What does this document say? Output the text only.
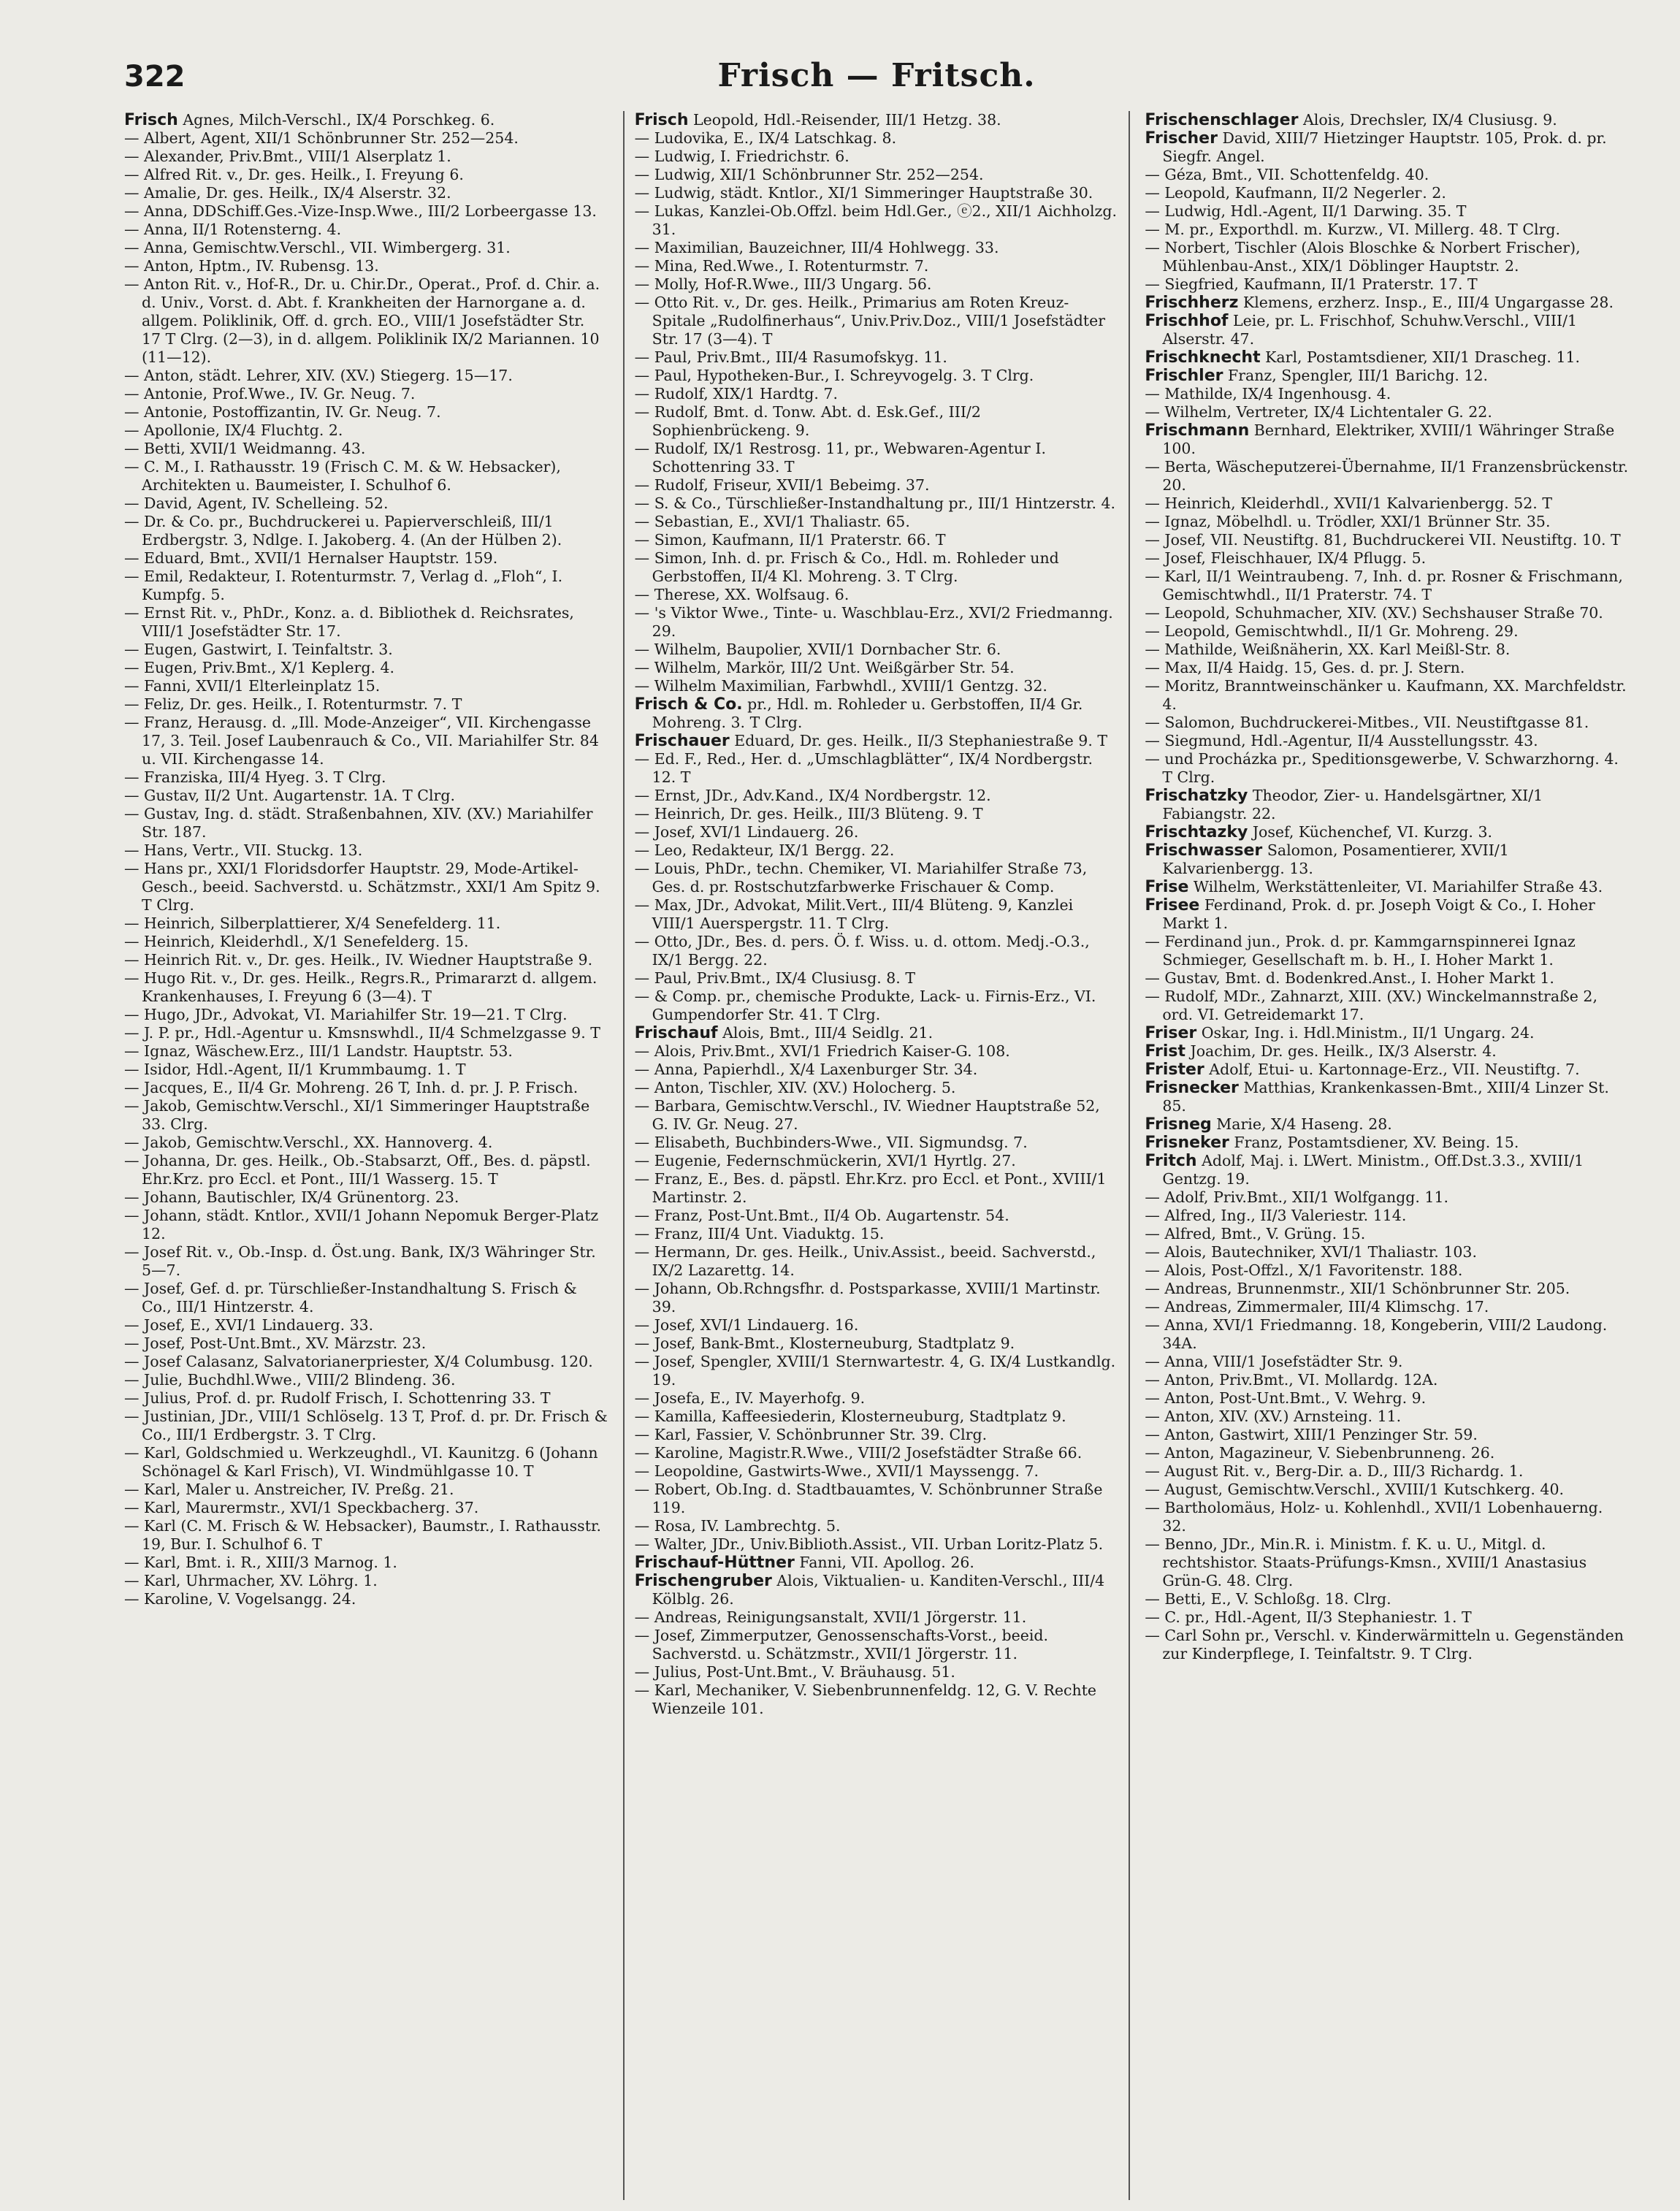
322	Frisch — Fritsch.
Frisch Agnes, Milch-Verschl., IX/4 Porschkeg. 6.
— Albert, Agent, XII/1 Schönbrunner Str. 252—254.
— Alexander, Priv.Bmt., VIII/1 Alserplatz 1.
— Alfred Rit. v., Dr. ges. Heilk., I. Freyung 6.
— Amalie, Dr. ges. Heilk., IX/4 Alserstr. 32.
— Anna, DDSchiff.Ges.-Vize-Insp.Wwe., III/2 Lorbeergasse 13.
— Anna, II/1 Rotensterng. 4.
— Anna, Gemischtw.Verschl., VII. Wimbergerg. 31.
— Anton, Hptm., IV. Rubensg. 13.
— Anton Rit. v., Hof-R., Dr. u. Chir.Dr., Operat., Prof. d. Chir. a. d. Univ., Vorst. d. Abt. f. Krankheiten der Harnorgane a. d. allgem. Poliklinik, Off. d. grch. EO., VIII/1 Josefstädter Str. 17 T Clrg. (2—3), in d. allgem. Poliklinik IX/2 Mariannen. 10 (11—12).
— Anton, städt. Lehrer, XIV. (XV.) Stiegerg. 15—17.
— Antonie, Prof.Wwe., IV. Gr. Neug. 7.
— Antonie, Postoffizantin, IV. Gr. Neug. 7.
— Apollonie, IX/4 Fluchtg. 2.
— Betti, XVII/1 Weidmanng. 43.
— C. M., I. Rathausstr. 19 (Frisch C. M. & W. Hebsacker), Architekten u. Baumeister, I. Schulhof 6.
— David, Agent, IV. Schelleing. 52.
— Dr. & Co. pr., Buchdruckerei u. Papierverschleiß, III/1 Erdbergstr. 3, Ndlge. I. Jakoberg. 4. (An der Hülben 2).
— Eduard, Bmt., XVII/1 Hernalser Hauptstr. 159.
— Emil, Redakteur, I. Rotenturmstr. 7, Verlag d. „Floh“, I. Kumpfg. 5.
— Ernst Rit. v., PhDr., Konz. a. d. Bibliothek d. Reichsrates, VIII/1 Josefstädter Str. 17.
— Eugen, Gastwirt, I. Teinfaltstr. 3.
— Eugen, Priv.Bmt., X/1 Keplerg. 4.
— Fanni, XVII/1 Elterleinplatz 15.
— Feliz, Dr. ges. Heilk., I. Rotenturmstr. 7. T
— Franz, Herausg. d. „Ill. Mode-Anzeiger“, VII. Kirchengasse 17, 3. Teil. Josef Laubenrauch & Co., VII. Mariahilfer Str. 84 u. VII. Kirchengasse 14.
— Franziska, III/4 Hyeg. 3. T Clrg.
— Gustav, II/2 Unt. Augartenstr. 1A. T Clrg.
— Gustav, Ing. d. städt. Straßenbahnen, XIV. (XV.) Mariahilfer Str. 187.
— Hans, Vertr., VII. Stuckg. 13.
— Hans pr., XXI/1 Floridsdorfer Hauptstr. 29, Mode-Artikel-Gesch., beeid. Sachverstd. u. Schätzmstr., XXI/1 Am Spitz 9. T Clrg.
— Heinrich, Silberplattierer, X/4 Senefelderg. 11.
— Heinrich, Kleiderhdl., X/1 Senefelderg. 15.
— Heinrich Rit. v., Dr. ges. Heilk., IV. Wiedner Hauptstraße 9.
— Hugo Rit. v., Dr. ges. Heilk., Regrs.R., Primararzt d. allgem. Krankenhauses, I. Freyung 6 (3—4). T
— Hugo, JDr., Advokat, VI. Mariahilfer Str. 19—21. T Clrg.
— J. P. pr., Hdl.-Agentur u. Kmsnswhdl., II/4 Schmelzgasse 9. T
— Ignaz, Wäschew.Erz., III/1 Landstr. Hauptstr. 53.
— Isidor, Hdl.-Agent, II/1 Krummbaumg. 1. T
— Jacques, E., II/4 Gr. Mohreng. 26 T, Inh. d. pr. J. P. Frisch.
— Jakob, Gemischtw.Verschl., XI/1 Simmeringer Hauptstraße 33. Clrg.
— Jakob, Gemischtw.Verschl., XX. Hannoverg. 4.
— Johanna, Dr. ges. Heilk., Ob.-Stabsarzt, Off., Bes. d. päpstl. Ehr.Krz. pro Eccl. et Pont., III/1 Wasserg. 15. T
— Johann, Bautischler, IX/4 Grünentorg. 23.
— Johann, städt. Kntlor., XVII/1 Johann Nepomuk Berger-Platz 12.
— Josef Rit. v., Ob.-Insp. d. Öst.ung. Bank, IX/3 Währinger Str. 5—7.
— Josef, Gef. d. pr. Türschließer-Instandhaltung S. Frisch & Co., III/1 Hintzerstr. 4.
— Josef, E., XVI/1 Lindauerg. 33.
— Josef, Post-Unt.Bmt., XV. Märzstr. 23.
— Josef Calasanz, Salvatorianerpriester, X/4 Columbusg. 120.
— Julie, Buchdhl.Wwe., VIII/2 Blindeng. 36.
— Julius, Prof. d. pr. Rudolf Frisch, I. Schottenring 33. T
— Justinian, JDr., VIII/1 Schlöselg. 13 T, Prof. d. pr. Dr. Frisch & Co., III/1 Erdbergstr. 3. T Clrg.
— Karl, Goldschmied u. Werkzeughdl., VI. Kaunitzg. 6 (Johann Schönagel & Karl Frisch), VI. Windmühlgasse 10. T
— Karl, Maler u. Anstreicher, IV. Preßg. 21.
— Karl, Maurermstr., XVI/1 Speckbacherg. 37.
— Karl (C. M. Frisch & W. Hebsacker), Baumstr., I. Rathausstr. 19, Bur. I. Schulhof 6. T
— Karl, Bmt. i. R., XIII/3 Marnog. 1.
— Karl, Uhrmacher, XV. Löhrg. 1.
— Karoline, V. Vogelsangg. 24.
Frisch Leopold, Hdl.-Reisender, III/1 Hetzg. 38.
— Ludovika, E., IX/4 Latschkag. 8.
— Ludwig, I. Friedrichstr. 6.
— Ludwig, XII/1 Schönbrunner Str. 252—254.
— Ludwig, städt. Kntlor., XI/1 Simmeringer Hauptstraße 30.
— Lukas, Kanzlei-Ob.Offzl. beim Hdl.Ger., ⓔ2., XII/1 Aichholzg. 31.
— Maximilian, Bauzeichner, III/4 Hohlwegg. 33.
— Mina, Red.Wwe., I. Rotenturmstr. 7.
— Molly, Hof-R.Wwe., III/3 Ungarg. 56.
— Otto Rit. v., Dr. ges. Heilk., Primarius am Roten Kreuz-Spitale „Rudolfinerhaus“, Univ.Priv.Doz., VIII/1 Josefstädter Str. 17 (3—4). T
— Paul, Priv.Bmt., III/4 Rasumofskyg. 11.
— Paul, Hypotheken-Bur., I. Schreyvogelg. 3. T Clrg.
— Rudolf, XIX/1 Hardtg. 7.
— Rudolf, Bmt. d. Tonw. Abt. d. Esk.Gef., III/2 Sophienbrückeng. 9.
— Rudolf, IX/1 Restrosg. 11, pr., Webwaren-Agentur I. Schottenring 33. T
— Rudolf, Friseur, XVII/1 Bebeimg. 37.
— S. & Co., Türschließer-Instandhaltung pr., III/1 Hintzerstr. 4.
— Sebastian, E., XVI/1 Thaliastr. 65.
— Simon, Kaufmann, II/1 Praterstr. 66. T
— Simon, Inh. d. pr. Frisch & Co., Hdl. m. Rohleder und Gerbstoffen, II/4 Kl. Mohreng. 3. T Clrg.
— Therese, XX. Wolfsaug. 6.
— 's Viktor Wwe., Tinte- u. Waschblau-Erz., XVI/2 Friedmanng. 29.
— Wilhelm, Baupolier, XVII/1 Dornbacher Str. 6.
— Wilhelm, Markör, III/2 Unt. Weißgärber Str. 54.
— Wilhelm Maximilian, Farbwhdl., XVIII/1 Gentzg. 32.
Frisch & Co. pr., Hdl. m. Rohleder u. Gerbstoffen, II/4 Gr. Mohreng. 3. T Clrg.
Frischauer Eduard, Dr. ges. Heilk., II/3 Stephaniestraße 9. T
— Ed. F., Red., Her. d. „Umschlagblätter“, IX/4 Nordbergstr. 12. T
— Ernst, JDr., Adv.Kand., IX/4 Nordbergstr. 12.
— Heinrich, Dr. ges. Heilk., III/3 Blüteng. 9. T
— Josef, XVI/1 Lindauerg. 26.
— Leo, Redakteur, IX/1 Bergg. 22.
— Louis, PhDr., techn. Chemiker, VI. Mariahilfer Straße 73, Ges. d. pr. Rostschutzfarbwerke Frischauer & Comp.
— Max, JDr., Advokat, Milit.Vert., III/4 Blüteng. 9, Kanzlei VIII/1 Auerspergstr. 11. T Clrg.
— Otto, JDr., Bes. d. pers. Ö. f. Wiss. u. d. ottom. Medj.-O.3., IX/1 Bergg. 22.
— Paul, Priv.Bmt., IX/4 Clusiusg. 8. T
— & Comp. pr., chemische Produkte, Lack- u. Firnis-Erz., VI. Gumpendorfer Str. 41. T Clrg.
Frischauf Alois, Bmt., III/4 Seidlg. 21.
— Alois, Priv.Bmt., XVI/1 Friedrich Kaiser-G. 108.
— Anna, Papierhdl., X/4 Laxenburger Str. 34.
— Anton, Tischler, XIV. (XV.) Holocherg. 5.
— Barbara, Gemischtw.Verschl., IV. Wiedner Hauptstraße 52, G. IV. Gr. Neug. 27.
— Elisabeth, Buchbinders-Wwe., VII. Sigmundsg. 7.
— Eugenie, Federnschmückerin, XVI/1 Hyrtlg. 27.
— Franz, E., Bes. d. päpstl. Ehr.Krz. pro Eccl. et Pont., XVIII/1 Martinstr. 2.
— Franz, Post-Unt.Bmt., II/4 Ob. Augartenstr. 54.
— Franz, III/4 Unt. Viaduktg. 15.
— Hermann, Dr. ges. Heilk., Univ.Assist., beeid. Sachverstd., IX/2 Lazarettg. 14.
— Johann, Ob.Rchngsfhr. d. Postsparkasse, XVIII/1 Martinstr. 39.
— Josef, XVI/1 Lindauerg. 16.
— Josef, Bank-Bmt., Klosterneuburg, Stadtplatz 9.
— Josef, Spengler, XVIII/1 Sternwartestr. 4, G. IX/4 Lustkandlg. 19.
— Josefa, E., IV. Mayerhofg. 9.
— Kamilla, Kaffeesiederin, Klosterneuburg, Stadtplatz 9.
— Karl, Fassier, V. Schönbrunner Str. 39. Clrg.
— Karoline, Magistr.R.Wwe., VIII/2 Josefstädter Straße 66.
— Leopoldine, Gastwirts-Wwe., XVII/1 Mayssengg. 7.
— Robert, Ob.Ing. d. Stadtbauamtes, V. Schönbrunner Straße 119.
— Rosa, IV. Lambrechtg. 5.
— Walter, JDr., Univ.Biblioth.Assist., VII. Urban Loritz-Platz 5.
Frischauf-Hüttner Fanni, VII. Apollog. 26.
Frischengruber Alois, Viktualien- u. Kanditen-Verschl., III/4 Kölblg. 26.
— Andreas, Reinigungsanstalt, XVII/1 Jörgerstr. 11.
— Josef, Zimmerputzer, Genossenschafts-Vorst., beeid. Sachverstd. u. Schätzmstr., XVII/1 Jörgerstr. 11.
— Julius, Post-Unt.Bmt., V. Bräuhausg. 51.
— Karl, Mechaniker, V. Siebenbrunnenfeldg. 12, G. V. Rechte Wienzeile 101.
Frischenschlager Alois, Drechsler, IX/4 Clusiusg. 9.
Frischer David, XIII/7 Hietzinger Hauptstr. 105, Prok. d. pr. Siegfr. Angel.
— Géza, Bmt., VII. Schottenfeldg. 40.
— Leopold, Kaufmann, II/2 Negerlег. 2.
— Ludwig, Hdl.-Agent, II/1 Darwing. 35. T
— M. pr., Exporthdl. m. Kurzw., VI. Millerg. 48. T Clrg.
— Norbert, Tischler (Alois Bloschke & Norbert Frischer), Mühlenbau-Anst., XIX/1 Döblinger Hauptstr. 2.
— Siegfried, Kaufmann, II/1 Praterstr. 17. T
Frischherz Klemens, erzherz. Insp., E., III/4 Ungargasse 28.
Frischhof Leie, pr. L. Frischhof, Schuhw.Verschl., VIII/1 Alserstr. 47.
Frischknecht Karl, Postamtsdiener, XII/1 Drascheg. 11.
Frischler Franz, Spengler, III/1 Barichg. 12.
— Mathilde, IX/4 Ingenhousg. 4.
— Wilhelm, Vertreter, IX/4 Lichtentaler G. 22.
Frischmann Bernhard, Elektriker, XVIII/1 Währinger Straße 100.
— Berta, Wäscheputzerei-Übernahme, II/1 Franzensbrückenstr. 20.
— Heinrich, Kleiderhdl., XVII/1 Kalvarienbergg. 52. T
— Ignaz, Möbelhdl. u. Trödler, XXI/1 Brünner Str. 35.
— Josef, VII. Neustiftg. 81, Buchdruckerei VII. Neustiftg. 10. T
— Josef, Fleischhauer, IX/4 Pflugg. 5.
— Karl, II/1 Weintraubeng. 7, Inh. d. pr. Rosner & Frischmann, Gemischtwhdl., II/1 Praterstr. 74. T
— Leopold, Schuhmacher, XIV. (XV.) Sechshauser Straße 70.
— Leopold, Gemischtwhdl., II/1 Gr. Mohreng. 29.
— Mathilde, Weißnäherin, XX. Karl Meißl-Str. 8.
— Max, II/4 Haidg. 15, Ges. d. pr. J. Stern.
— Moritz, Branntweinschänker u. Kaufmann, XX. Marchfeldstr. 4.
— Salomon, Buchdruckerei-Mitbes., VII. Neustiftgasse 81.
— Siegmund, Hdl.-Agentur, II/4 Ausstellungsstr. 43.
— und Procházka pr., Speditionsgewerbe, V. Schwarzhorng. 4. T Clrg.
Frischatzky Theodor, Zier- u. Handelsgärtner, XI/1 Fabiangstr. 22.
Frischtazky Josef, Küchenchef, VI. Kurzg. 3.
Frischwasser Salomon, Posamentierer, XVII/1 Kalvarienbergg. 13.
Frise Wilhelm, Werkstättenleiter, VI. Mariahilfer Straße 43.
Frisee Ferdinand, Prok. d. pr. Joseph Voigt & Co., I. Hoher Markt 1.
— Ferdinand jun., Prok. d. pr. Kammgarnspinnerei Ignaz Schmieger, Gesellschaft m. b. H., I. Hoher Markt 1.
— Gustav, Bmt. d. Bodenkred.Anst., I. Hoher Markt 1.
— Rudolf, MDr., Zahnarzt, XIII. (XV.) Winckelmannstraße 2, ord. VI. Getreidemarkt 17.
Friser Oskar, Ing. i. Hdl.Ministm., II/1 Ungarg. 24.
Frist Joachim, Dr. ges. Heilk., IX/3 Alserstr. 4.
Frister Adolf, Etui- u. Kartonnage-Erz., VII. Neustiftg. 7.
Frisnecker Matthias, Krankenkassen-Bmt., XIII/4 Linzer St. 85.
Frisneg Marie, X/4 Haseng. 28.
Frisneker Franz, Postamtsdiener, XV. Being. 15.
Fritch Adolf, Maj. i. LWert. Ministm., Off.Dst.3.3., XVIII/1 Gentzg. 19.
— Adolf, Priv.Bmt., XII/1 Wolfgangg. 11.
— Alfred, Ing., II/3 Valeriestr. 114.
— Alfred, Bmt., V. Grüng. 15.
— Alois, Bautechniker, XVI/1 Thaliastr. 103.
— Alois, Post-Offzl., X/1 Favoritenstr. 188.
— Andreas, Brunnenmstr., XII/1 Schönbrunner Str. 205.
— Andreas, Zimmermaler, III/4 Klimschg. 17.
— Anna, XVI/1 Friedmanng. 18, Kongeberin, VIII/2 Laudong. 34A.
— Anna, VIII/1 Josefstädter Str. 9.
— Anton, Priv.Bmt., VI. Mollardg. 12A.
— Anton, Post-Unt.Bmt., V. Wehrg. 9.
— Anton, XIV. (XV.) Arnsteing. 11.
— Anton, Gastwirt, XIII/1 Penzinger Str. 59.
— Anton, Magazineur, V. Siebenbrunneng. 26.
— August Rit. v., Berg-Dir. a. D., III/3 Richardg. 1.
— August, Gemischtw.Verschl., XVIII/1 Kutschkerg. 40.
— Bartholomäus, Holz- u. Kohlenhdl., XVII/1 Lobenhauerng. 32.
— Benno, JDr., Min.R. i. Ministm. f. K. u. U., Mitgl. d. rechtshistor. Staats-Prüfungs-Kmsn., XVIII/1 Anastasius Grün-G. 48. Clrg.
— Betti, E., V. Schloßg. 18. Clrg.
— C. pr., Hdl.-Agent, II/3 Stephaniestr. 1. T
— Carl Sohn pr., Verschl. v. Kinderwärmitteln u. Gegenständen zur Kinderpflege, I. Teinfaltstr. 9. T Clrg.
